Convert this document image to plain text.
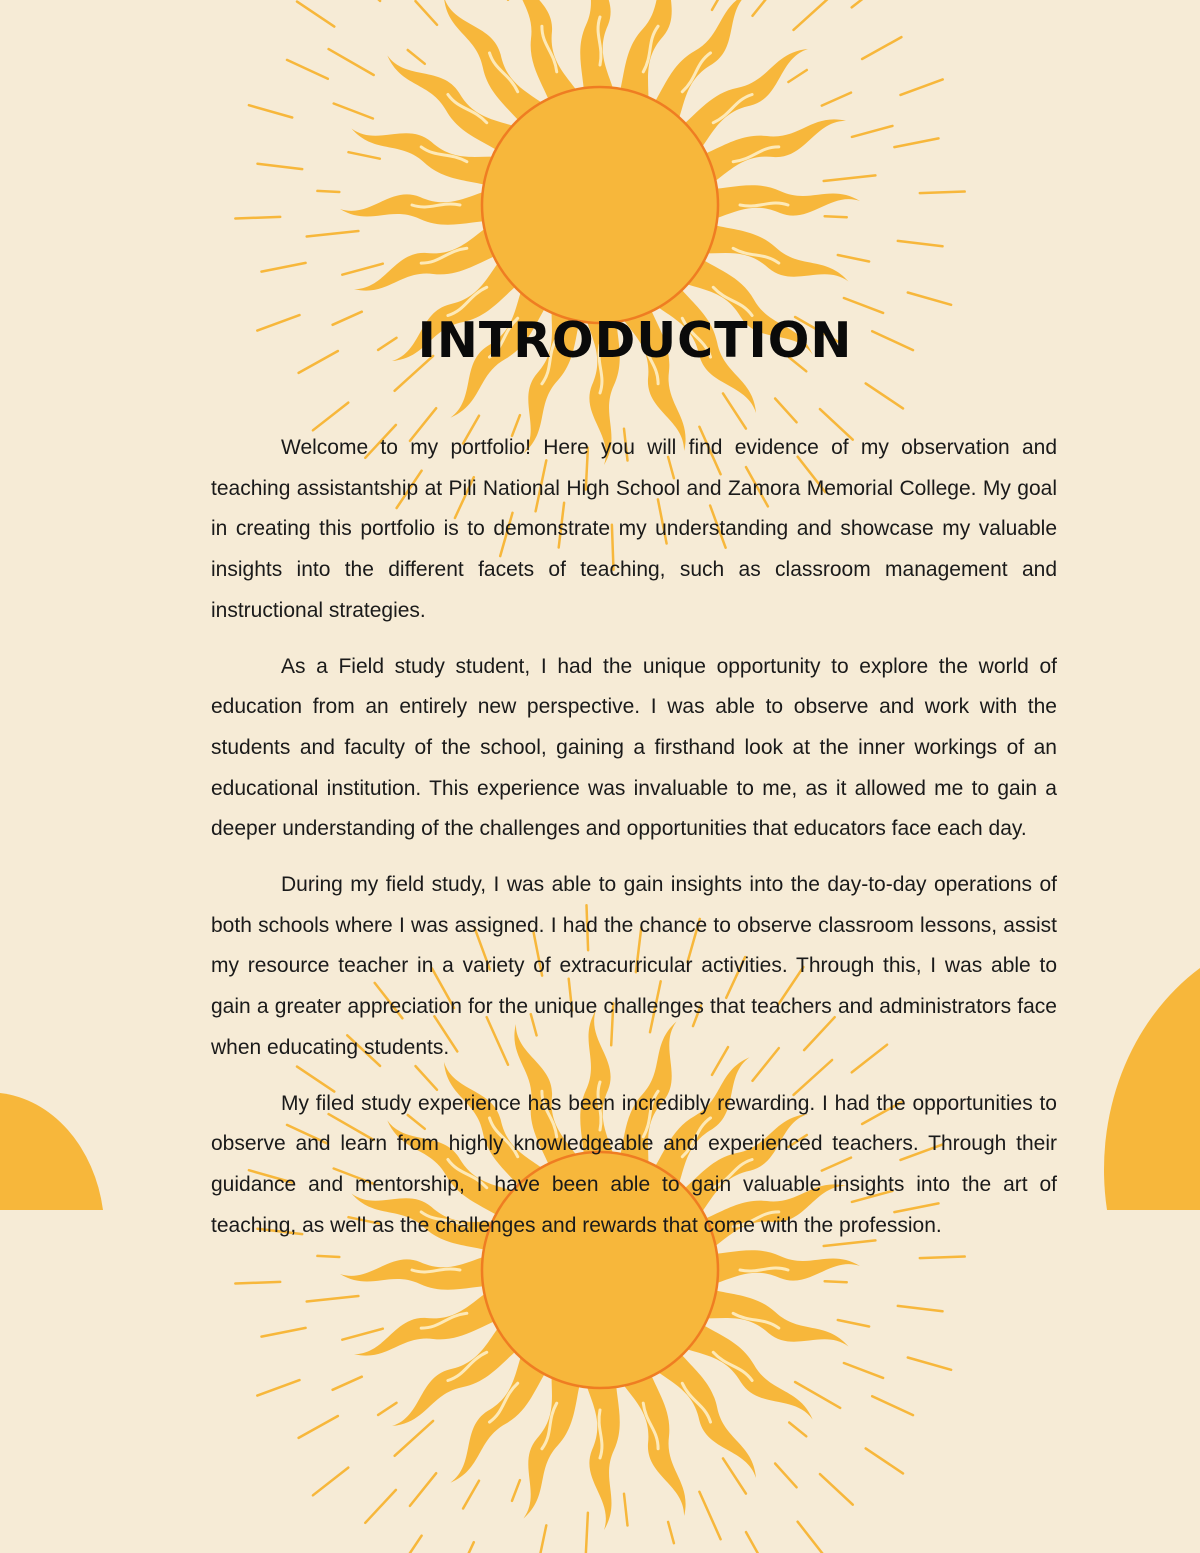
INTRODUCTION

Welcome to my portfolio! Here you will find evidence of my observation and teaching assistantship at Pili National High School and Zamora Memorial College. My goal in creating this portfolio is to demonstrate my understanding and showcase my valuable insights into the different facets of teaching, such as classroom management and instructional strategies.

As a Field study student, I had the unique opportunity to explore the world of education from an entirely new perspective. I was able to observe and work with the students and faculty of the school, gaining a firsthand look at the inner workings of an educational institution. This experience was invaluable to me, as it allowed me to gain a deeper understanding of the challenges and opportunities that educators face each day.

During my field study, I was able to gain insights into the day-to-day operations of both schools where I was assigned. I had the chance to observe classroom lessons, assist my resource teacher in a variety of extracurricular activities. Through this, I was able to gain a greater appreciation for the unique challenges that teachers and administrators face when educating students.

My filed study experience has been incredibly rewarding. I had the opportunities to observe and learn from highly knowledgeable and experienced teachers. Through their guidance and mentorship, I have been able to gain valuable insights into the art of teaching, as well as the challenges and rewards that come with the profession.
